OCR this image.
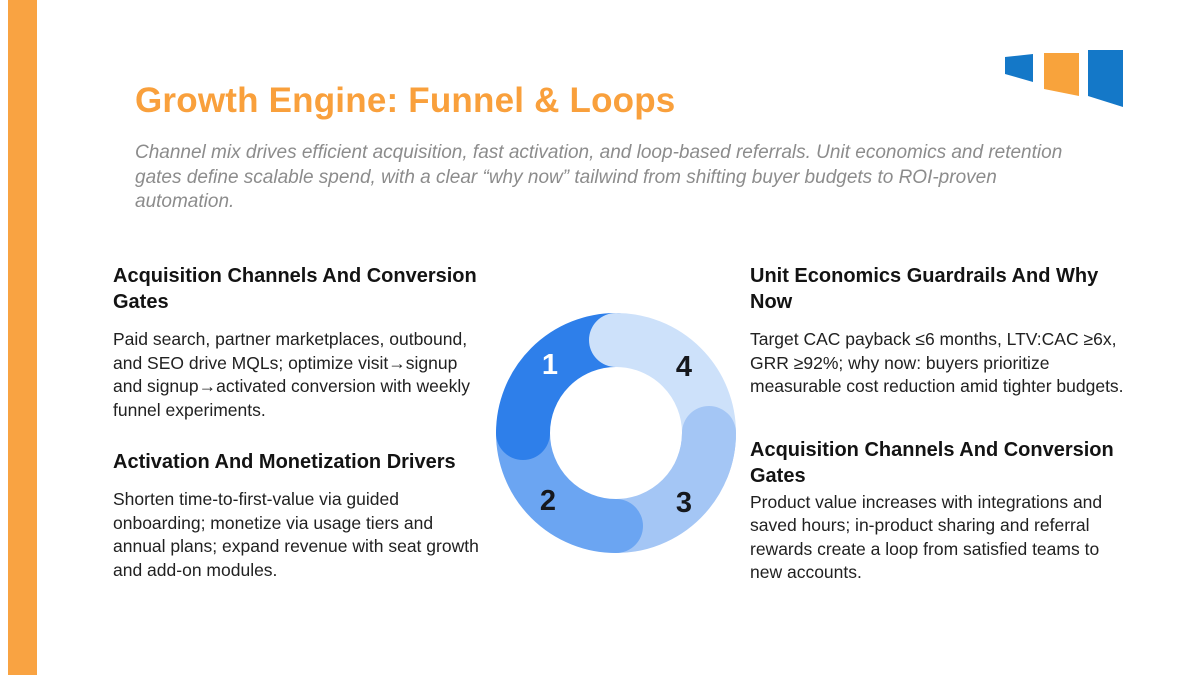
Growth Engine: Funnel & Loops
Channel mix drives efficient acquisition, fast activation, and loop-based referrals. Unit economics and retention gates define scalable spend, with a clear “why now” tailwind from shifting buyer budgets to ROI-proven automation.
Acquisition Channels And Conversion Gates
Paid search, partner marketplaces, outbound, and SEO drive MQLs; optimize visit→signup and signup→activated conversion with weekly funnel experiments.
Activation And Monetization Drivers
Shorten time-to-first-value via guided onboarding; monetize via usage tiers and annual plans; expand revenue with seat growth and add-on modules.
Unit Economics Guardrails And Why Now
Target CAC payback ≤6 months, LTV:CAC ≥6x, GRR ≥92%; why now: buyers prioritize measurable cost reduction amid tighter budgets.
Acquisition Channels And Conversion Gates
Product value increases with integrations and saved hours; in-product sharing and referral rewards create a loop from satisfied teams to new accounts.
1
2	3
4
